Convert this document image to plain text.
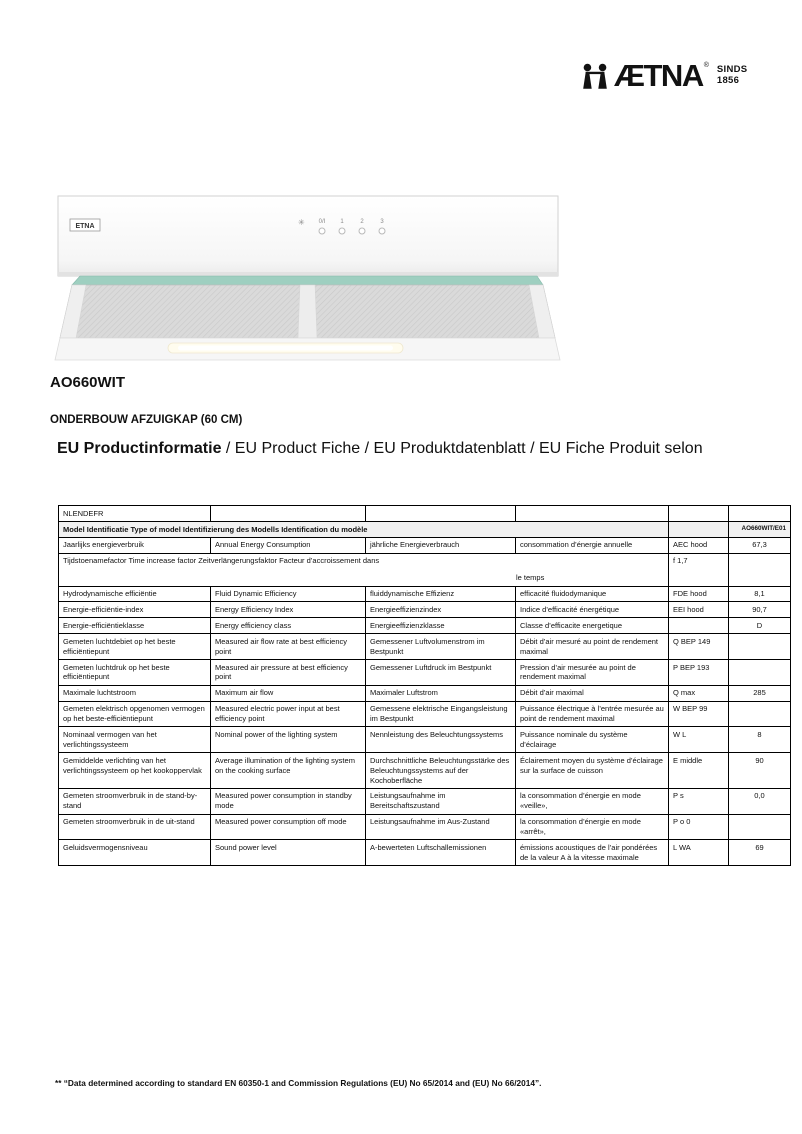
ÆTNA ® SINDS
1856
ETNA	✳ 0/I 1	2	3
AO660WIT
ONDERBOUW AFZUIGKAP (60 CM)
EU Productinformatie / EU Product Fiche / EU Produktdatenblatt / EU Fiche Produit selon
NLENDEFR					
Model Identificatie Type of model Identifizierung des Modells Identification du modèle					AO660WIT/E01
Jaarlijks energieverbruik	Annual Energy Consumption	jährliche Energieverbrauch	consommation d’énergie annuelle	AEC hood	67,3

Tijdstoenamefactor Time increase factor Zeitverlängerungsfaktor Facteur d’accroissement dans
le temps				f 1,7	
Hydrodynamische efficiëntie	Fluid Dynamic Efficiency	fluiddynamische Effizienz	efficacité fluidodymanique	FDE hood	8,1
Energie-efficiëntie-index	Energy Efficiency Index	Energieeffizienzindex	Indice d’efficacité énergétique	EEI hood	90,7
Energie-efficiëntieklasse	Energy efficiency class	Energieeffizienzklasse	Classe d’efficacite energetique		D
Gemeten luchtdebiet op het beste efficiëntiepunt	Measured air flow rate at best efficiency point	Gemessener Luftvolumenstrom im Bestpunkt	Débit d’air mesuré au point de rendement maximal	Q BEP 149	
Gemeten luchtdruk op het beste efficiëntiepunt	Measured air pressure at best efficiency point	Gemessener Luftdruck im Bestpunkt	Pression d’air mesurée au point de rendement maximal	P BEP 193	
Maximale luchtstroom	Maximum air flow	Maximaler Luftstrom	Débit d’air maximal	Q max	285
Gemeten elektrisch opgenomen vermogen op het beste-efficiëntiepunt	Measured electric power input at best efficiency point	Gemessene elektrische Eingangsleistung im Bestpunkt	Puissance électrique à l’entrée mesurée au point de rendement maximal	W BEP 99	
Nominaal vermogen van het verlichtingssysteem	Nominal power of the lighting system	Nennleistung des Beleuchtungssystems	Puissance nominale du système d’éclairage	W L	8
Gemiddelde verlichting van het verlichtingssysteem op het kookoppervlak	Average illumination of the lighting system on the cooking surface	Durchschnittliche Beleuchtungsstärke des Beleuchtungssystems auf der Kochoberfläche	Éclairement moyen du système d’éclairage sur la surface de cuisson	E middle	90
Gemeten stroomverbruik in de stand-by- stand	Measured power consumption in standby mode	Leistungsaufnahme im Bereitschaftszustand	la consommation d’énergie en mode «veille»,	P s	0,0
Gemeten stroomverbruik in de uit-stand	Measured power consumption off mode	Leistungsaufnahme im Aus-Zustand	la consommation d’énergie en mode «arrêt»,	P o 0	
Geluidsvermogensniveau	Sound power level	A-bewerteten Luftschallemissionen	émissions acoustiques de l’air pondérées de la valeur A à la vitesse maximale	L WA	69

** “Data determined according to standard EN 60350-1 and Commission Regulations (EU) No 65/2014 and (EU) No 66/2014”.
